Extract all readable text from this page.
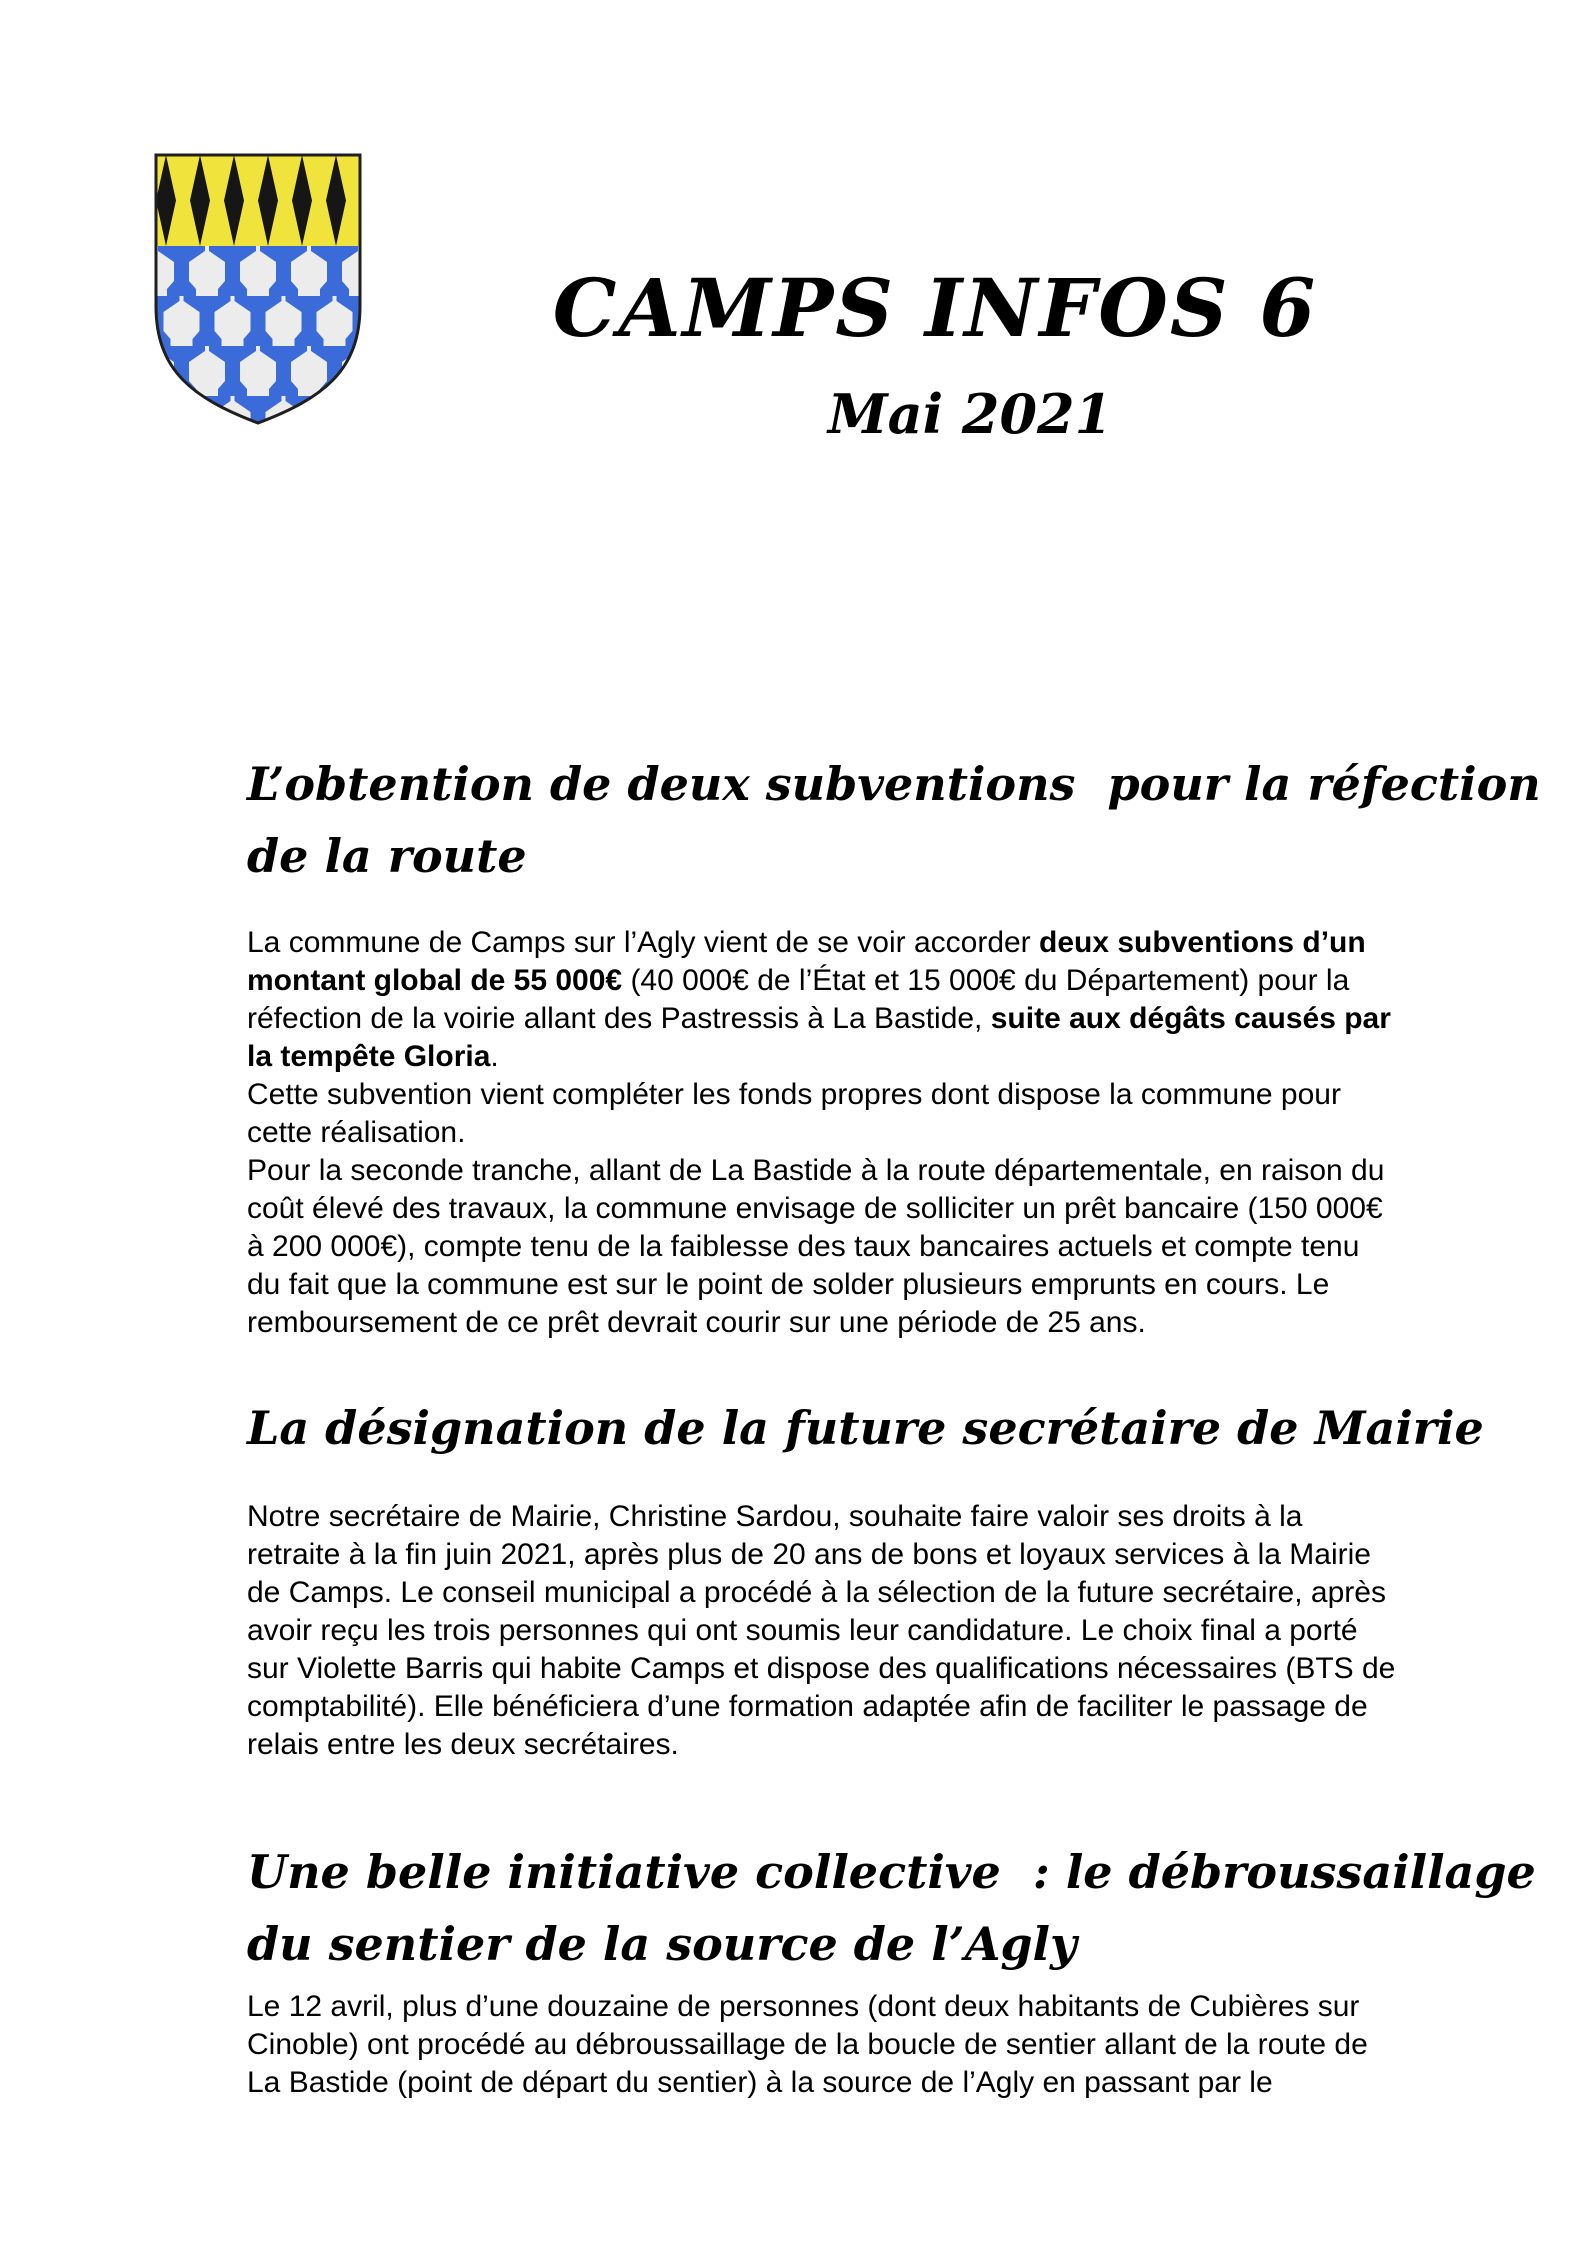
CAMPS INFOS 6
Mai 2021
L’obtention de deux subventions  pour la réfection
de la route

La commune de Camps sur l’Agly vient de se voir accorder deux subventions d’un montant global de 55 000€ (40 000€ de l’État et 15 000€ du Département) pour la réfection de la voirie allant des Pastressis à La Bastide, suite aux dégâts causés par la tempête Gloria.

Cette subvention vient compléter les fonds propres dont dispose la commune pour cette réalisation.

Pour la seconde tranche, allant de La Bastide à la route départementale, en raison du coût élevé des travaux, la commune envisage de solliciter un prêt bancaire (150 000€ à 200 000€), compte tenu de la faiblesse des taux bancaires actuels et compte tenu du fait que la commune est sur le point de solder plusieurs emprunts en cours. Le remboursement de ce prêt devrait courir sur une période de 25 ans.

La désignation de la future secrétaire de Mairie

Notre secrétaire de Mairie, Christine Sardou, souhaite faire valoir ses droits à la retraite à la fin juin 2021, après plus de 20 ans de bons et loyaux services à la Mairie de Camps. Le conseil municipal a procédé à la sélection de la future secrétaire, après avoir reçu les trois personnes qui ont soumis leur candidature. Le choix final a porté sur Violette Barris qui habite Camps et dispose des qualifications nécessaires (BTS de comptabilité). Elle bénéficiera d’une formation adaptée afin de faciliter le passage de relais entre les deux secrétaires.

Une belle initiative collective  : le débroussaillage
du sentier de la source de l’Agly

Le 12 avril, plus d’une douzaine de personnes (dont deux habitants de Cubières sur Cinoble) ont procédé au débroussaillage de la boucle de sentier allant de la route de La Bastide (point de départ du sentier) à la source de l’Agly en passant par le
